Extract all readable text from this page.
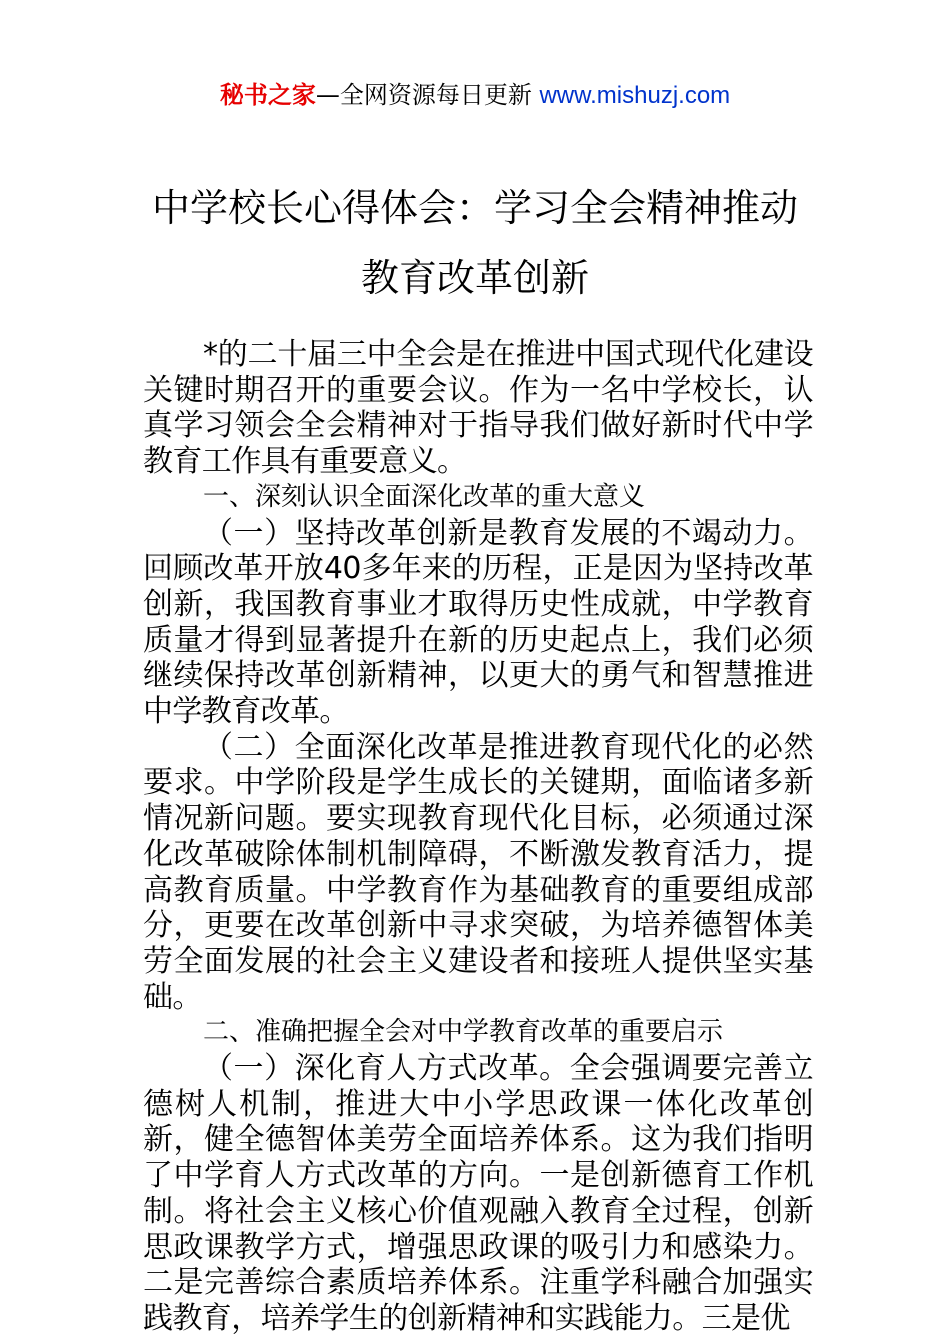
秘书之家—全网资源每日更新 www.mishuzj.com
中学校长心得体会：学习全会精神推动教育改革创新

*的二十届三中全会是在推进中国式现代化建设关键时期召开的重要会议。作为一名中学校长，认真学习领会全会精神对于指导我们做好新时代中学教育工作具有重要意义。

一、深刻认识全面深化改革的重大意义

（一）坚持改革创新是教育发展的不竭动力。回顾改革开放40多年来的历程，正是因为坚持改革创新，我国教育事业才取得历史性成就，中学教育质量才得到显著提升在新的历史起点上，我们必须继续保持改革创新精神，以更大的勇气和智慧推进中学教育改革。

（二）全面深化改革是推进教育现代化的必然要求。中学阶段是学生成长的关键期，面临诸多新情况新问题。要实现教育现代化目标，必须通过深化改革破除体制机制障碍，不断激发教育活力，提高教育质量。中学教育作为基础教育的重要组成部分，更要在改革创新中寻求突破，为培养德智体美劳全面发展的社会主义建设者和接班人提供坚实基础。

二、准确把握全会对中学教育改革的重要启示

（一）深化育人方式改革。全会强调要完善立德树人机制，推进大中小学思政课一体化改革创新，健全德智体美劳全面培养体系。这为我们指明了中学育人方式改革的方向。一是创新德育工作机制。将社会主义核心价值观融入教育全过程，创新思政课教学方式，增强思政课的吸引力和感染力。二是完善综合素质培养体系。注重学科融合加强实践教育，培养学生的创新精神和实践能力。三是优
